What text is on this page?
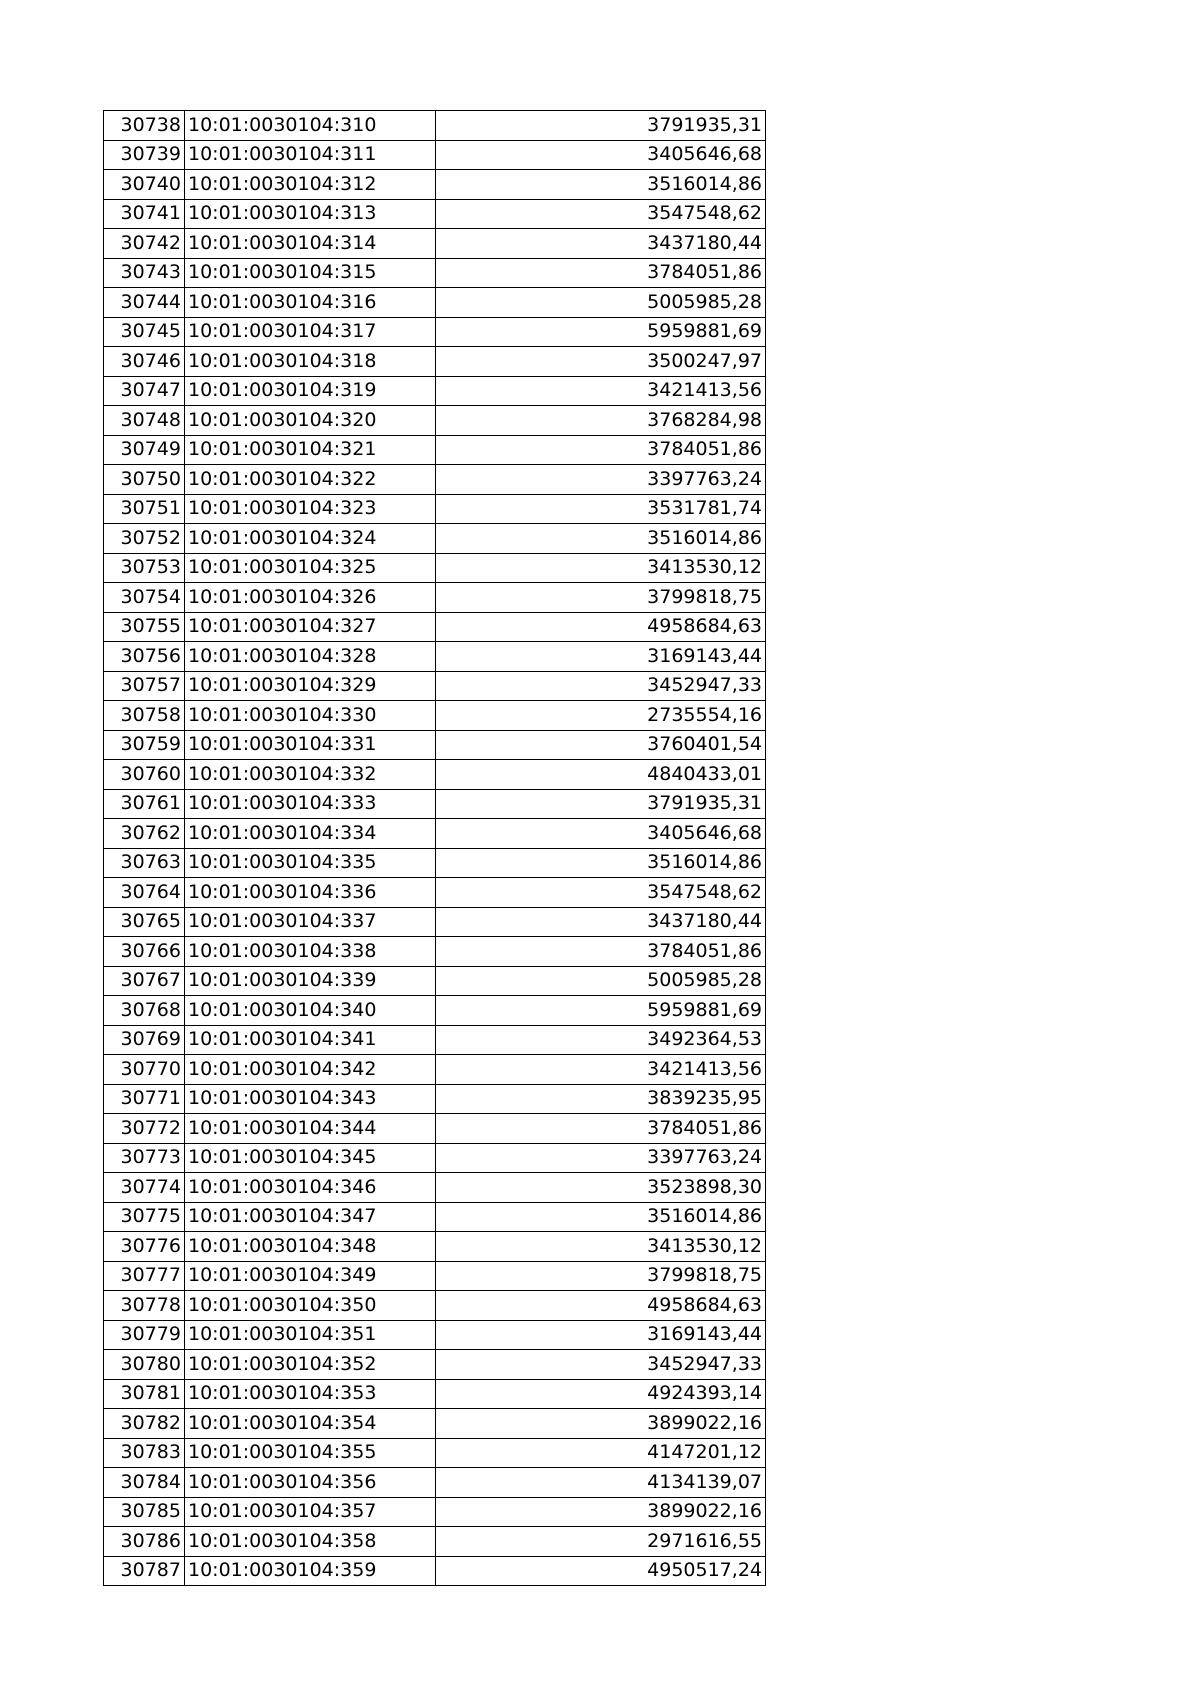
30738	10:01:0030104:310	3791935,31
30739	10:01:0030104:311	3405646,68
30740	10:01:0030104:312	3516014,86
30741	10:01:0030104:313	3547548,62
30742	10:01:0030104:314	3437180,44
30743	10:01:0030104:315	3784051,86
30744	10:01:0030104:316	5005985,28
30745	10:01:0030104:317	5959881,69
30746	10:01:0030104:318	3500247,97
30747	10:01:0030104:319	3421413,56
30748	10:01:0030104:320	3768284,98
30749	10:01:0030104:321	3784051,86
30750	10:01:0030104:322	3397763,24
30751	10:01:0030104:323	3531781,74
30752	10:01:0030104:324	3516014,86
30753	10:01:0030104:325	3413530,12
30754	10:01:0030104:326	3799818,75
30755	10:01:0030104:327	4958684,63
30756	10:01:0030104:328	3169143,44
30757	10:01:0030104:329	3452947,33
30758	10:01:0030104:330	2735554,16
30759	10:01:0030104:331	3760401,54
30760	10:01:0030104:332	4840433,01
30761	10:01:0030104:333	3791935,31
30762	10:01:0030104:334	3405646,68
30763	10:01:0030104:335	3516014,86
30764	10:01:0030104:336	3547548,62
30765	10:01:0030104:337	3437180,44
30766	10:01:0030104:338	3784051,86
30767	10:01:0030104:339	5005985,28
30768	10:01:0030104:340	5959881,69
30769	10:01:0030104:341	3492364,53
30770	10:01:0030104:342	3421413,56
30771	10:01:0030104:343	3839235,95
30772	10:01:0030104:344	3784051,86
30773	10:01:0030104:345	3397763,24
30774	10:01:0030104:346	3523898,30
30775	10:01:0030104:347	3516014,86
30776	10:01:0030104:348	3413530,12
30777	10:01:0030104:349	3799818,75
30778	10:01:0030104:350	4958684,63
30779	10:01:0030104:351	3169143,44
30780	10:01:0030104:352	3452947,33
30781	10:01:0030104:353	4924393,14
30782	10:01:0030104:354	3899022,16
30783	10:01:0030104:355	4147201,12
30784	10:01:0030104:356	4134139,07
30785	10:01:0030104:357	3899022,16
30786	10:01:0030104:358	2971616,55
30787	10:01:0030104:359	4950517,24
